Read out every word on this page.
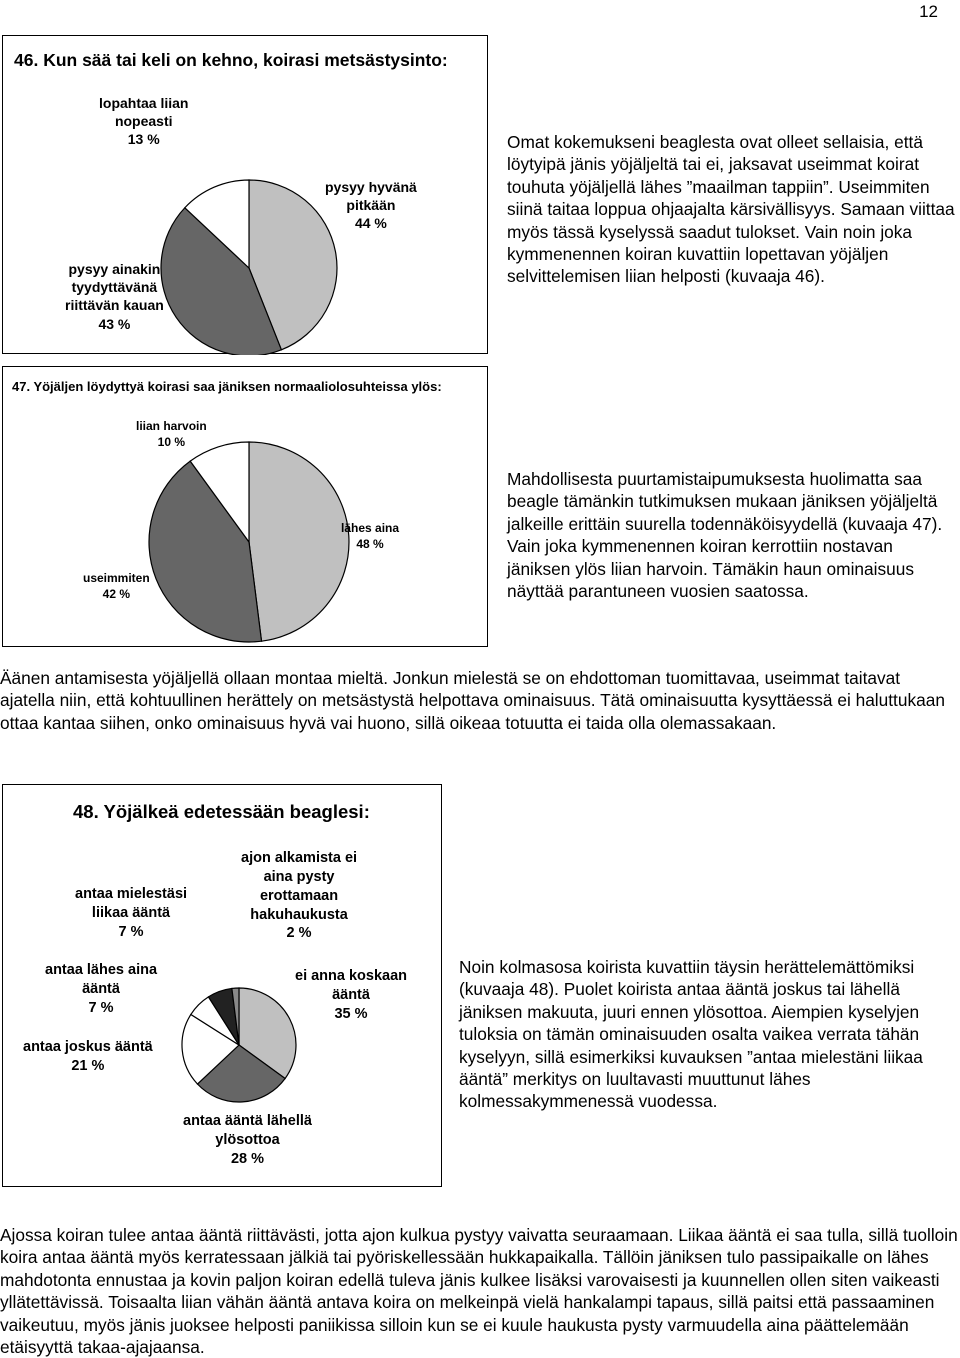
12
46. Kun sää tai keli on kehno, koirasi metsästysinto:
lopahtaa liian
nopeasti
13 %
pysyy hyvänä
pitkään
44 %
pysyy ainakin
tyydyttävänä
riittävän kauan
43 %

Omat kokemukseni beaglesta ovat olleet sellaisia, että löytyipä jänis yöjäljeltä tai ei, jaksavat useimmat koirat touhuta yöjäljellä lähes ”maailman tappiin”. Useimmiten siinä taitaa loppua ohjaajalta kärsivällisyys. Samaan viittaa myös tässä kyselyssä saadut tulokset. Vain noin joka kymmenennen koiran kuvattiin lopettavan yöjäljen selvittelemisen liian helposti (kuvaaja 46).

47. Yöjäljen löydyttyä koirasi saa jäniksen normaaliolosuhteissa ylös:
liian harvoin
10 %
lähes aina
48 %
useimmiten
42 %

Mahdollisesta puurtamistaipumuksesta huolimatta saa beagle tämänkin tutkimuksen mukaan jäniksen yöjäljeltä jalkeille erittäin suurella todennäköisyydellä (kuvaaja 47). Vain joka kymmenennen koiran kerrottiin nostavan jäniksen ylös liian harvoin. Tämäkin haun ominaisuus näyttää parantuneen vuosien saatossa.

Äänen antamisesta yöjäljellä ollaan montaa mieltä. Jonkun mielestä se on ehdottoman tuomittavaa, useimmat taitavat ajatella niin, että kohtuullinen herättely on metsästystä helpottava ominaisuus. Tätä ominaisuutta kysyttäessä ei haluttukaan ottaa kantaa siihen, onko ominaisuus hyvä vai huono, sillä oikeaa totuutta ei taida olla olemassakaan.

48. Yöjälkeä edetessään beaglesi:
ajon alkamista ei
aina pysty
erottamaan
hakuhaukusta
2 %
antaa mielestäsi
liikaa ääntä
7 %
antaa lähes aina
ääntä
7 %
ei anna koskaan
ääntä
35 %
antaa joskus ääntä
21 %
antaa ääntä lähellä
ylösottoa
28 %

Noin kolmasosa koirista kuvattiin täysin herättelemättömiksi (kuvaaja 48). Puolet koirista antaa ääntä joskus tai lähellä jäniksen makuuta, juuri ennen ylösottoa. Aiempien kyselyjen tuloksia on tämän ominaisuuden osalta vaikea verrata tähän kyselyyn, sillä esimerkiksi kuvauksen ”antaa mielestäni liikaa ääntä” merkitys on luultavasti muuttunut lähes kolmessakymmenessä vuodessa.

Ajossa koiran tulee antaa ääntä riittävästi, jotta ajon kulkua pystyy vaivatta seuraamaan. Liikaa ääntä ei saa tulla, sillä tuolloin koira antaa ääntä myös kerratessaan jälkiä tai pyöriskellessään hukkapaikalla. Tällöin jäniksen tulo passipaikalle on lähes mahdotonta ennustaa ja kovin paljon koiran edellä tuleva jänis kulkee lisäksi varovaisesti ja kuunnellen ollen siten vaikeasti yllätettävissä. Toisaalta liian vähän ääntä antava koira on melkeinpä vielä hankalampi tapaus, sillä paitsi että passaaminen vaikeutuu, myös jänis juoksee helposti paniikissa silloin kun se ei kuule haukusta pysty varmuudella aina päättelemään etäisyyttä takaa-ajajaansa.
